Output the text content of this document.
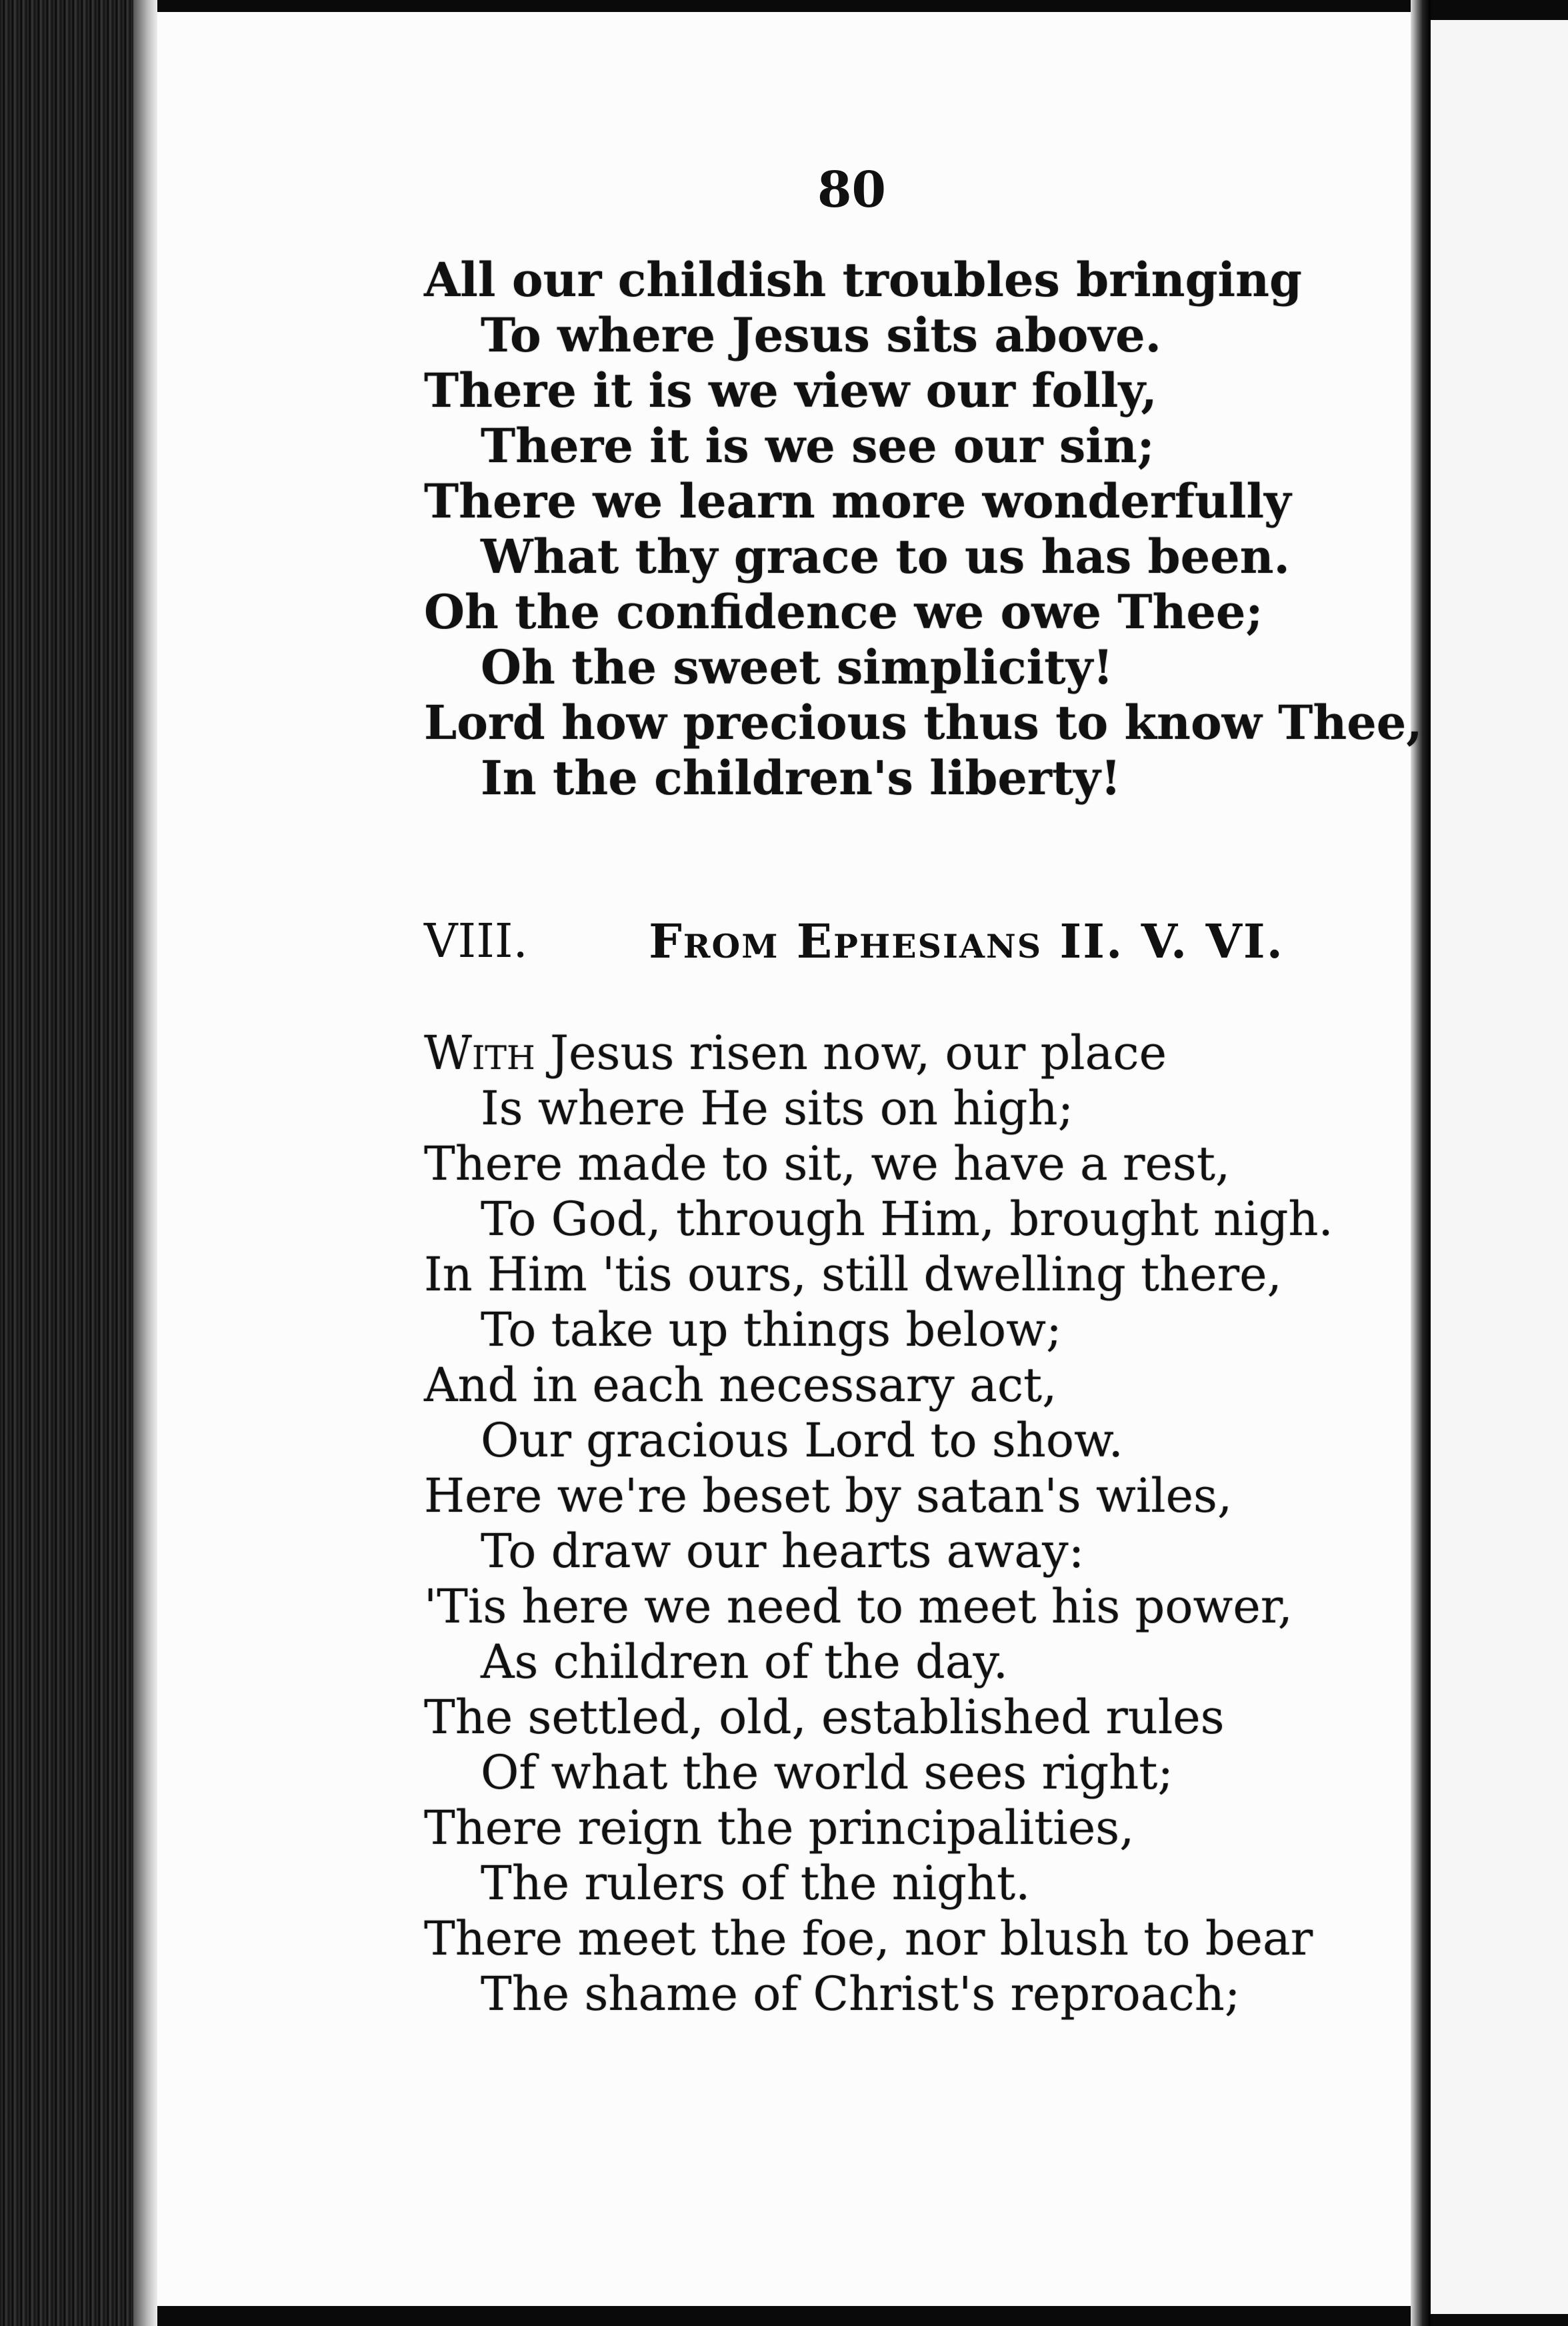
80
All our childish troubles bringing
To where Jesus sits above.
There it is we view our folly,
There it is we see our sin;
There we learn more wonderfully
What thy grace to us has been.
Oh the confidence we owe Thee;
Oh the sweet simplicity!
Lord how precious thus to know Thee,
In the children's liberty!
VIII.	From Ephesians II. V. VI.
With Jesus risen now, our place
Is where He sits on high;
There made to sit, we have a rest,
To God, through Him, brought nigh.
In Him 'tis ours, still dwelling there,
To take up things below;
And in each necessary act,
Our gracious Lord to show.
Here we're beset by satan's wiles,
To draw our hearts away:
'Tis here we need to meet his power,
As children of the day.
The settled, old, established rules
Of what the world sees right;
There reign the principalities,
The rulers of the night.
There meet the foe, nor blush to bear
The shame of Christ's reproach;
